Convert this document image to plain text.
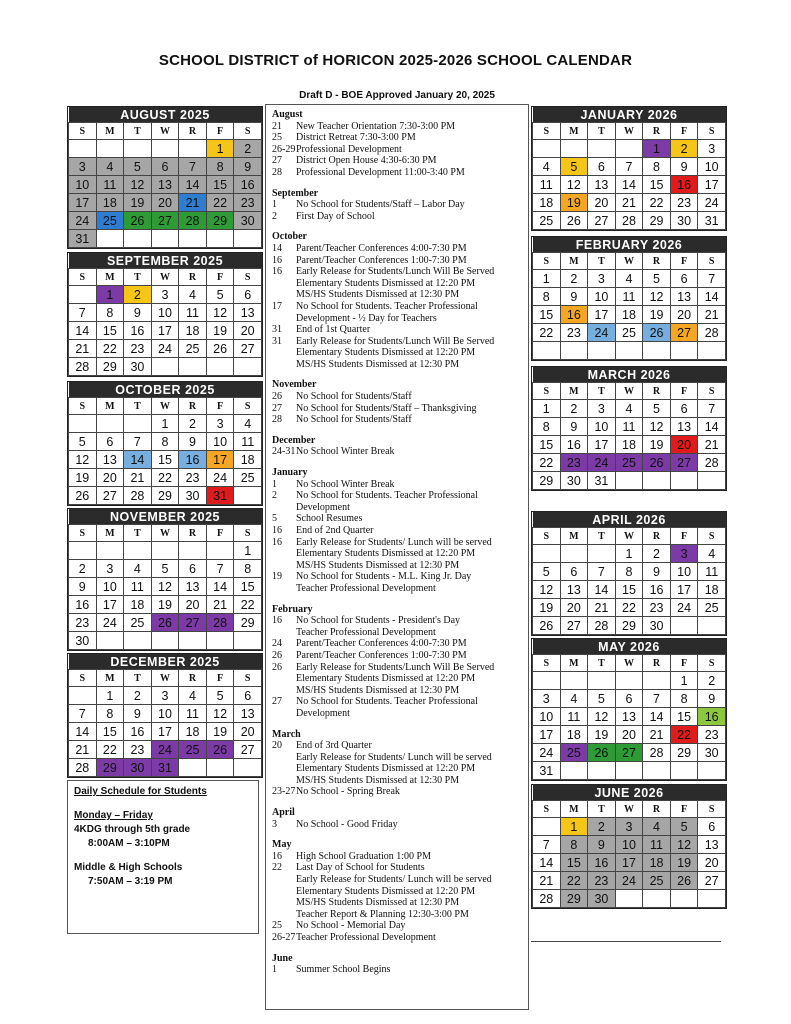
SCHOOL DISTRICT of HORICON 2025-2026 SCHOOL CALENDAR
Draft D - BOE Approved January 20, 2025
AUGUST 2025						
S	M	T	W	R	F	S
					1	2
3	4	5	6	7	8	9
10	11	12	13	14	15	16
17	18	19	20	21	22	23
24	25	26	27	28	29	30
31						
SEPTEMBER 2025						
S	M	T	W	R	F	S
	1	2	3	4	5	6
7	8	9	10	11	12	13
14	15	16	17	18	19	20
21	22	23	24	25	26	27
28	29	30				
OCTOBER 2025						
S	M	T	W	R	F	S
			1	2	3	4
5	6	7	8	9	10	11
12	13	14	15	16	17	18
19	20	21	22	23	24	25
26	27	28	29	30	31	
NOVEMBER 2025						
S	M	T	W	R	F	S
						1
2	3	4	5	6	7	8
9	10	11	12	13	14	15
16	17	18	19	20	21	22
23	24	25	26	27	28	29
30						
DECEMBER 2025						
S	M	T	W	R	F	S
	1	2	3	4	5	6
7	8	9	10	11	12	13
14	15	16	17	18	19	20
21	22	23	24	25	26	27
28	29	30	31			
JANUARY 2026						
S	M	T	W	R	F	S
				1	2	3
4	5	6	7	8	9	10
11	12	13	14	15	16	17
18	19	20	21	22	23	24
25	26	27	28	29	30	31
FEBRUARY 2026						
S	M	T	W	R	F	S
1	2	3	4	5	6	7
8	9	10	11	12	13	14
15	16	17	18	19	20	21
22	23	24	25	26	27	28

MARCH 2026						
S	M	T	W	R	F	S
1	2	3	4	5	6	7
8	9	10	11	12	13	14
15	16	17	18	19	20	21
22	23	24	25	26	27	28
29	30	31				
APRIL 2026						
S	M	T	W	R	F	S
			1	2	3	4
5	6	7	8	9	10	11
12	13	14	15	16	17	18
19	20	21	22	23	24	25
26	27	28	29	30		
MAY 2026						
S	M	T	W	R	F	S
					1	2
3	4	5	6	7	8	9
10	11	12	13	14	15	16
17	18	19	20	21	22	23
24	25	26	27	28	29	30
31						
JUNE 2026						
S	M	T	W	R	F	S
	1	2	3	4	5	6
7	8	9	10	11	12	13
14	15	16	17	18	19	20
21	22	23	24	25	26	27
28	29	30				
August
21	New Teacher Orientation 7:30-3:00 PM
25	District Retreat 7:30-3:00 PM
26-29 Professional Development
27	District Open House 4:30-6:30 PM
28	Professional Development 11:00-3:40 PM
September
1	No School for Students/Staff – Labor Day
2	First Day of School
October
14	Parent/Teacher Conferences 4:00-7:30 PM
16	Parent/Teacher Conferences 1:00-7:30 PM
16	Early Release for Students/Lunch Will Be Served
Elementary Students Dismissed at 12:20 PM
MS/HS Students Dismissed at 12:30 PM
17	No School for Students. Teacher Professional
Development - ½ Day for Teachers
31	End of 1st Quarter
31	Early Release for Students/Lunch Will Be Served
Elementary Students Dismissed at 12:20 PM
MS/HS Students Dismissed at 12:30 PM
November
26	No School for Students/Staff
27	No School for Students/Staff – Thanksgiving
28	No School for Students/Staff
December
24-31 No School Winter Break
January
1	No School Winter Break
2	No School for Students. Teacher Professional
Development
5	School Resumes
16	End of 2nd Quarter
16	Early Release for Students/ Lunch will be served
Elementary Students Dismissed at 12:20 PM
MS/HS Students Dismissed at 12:30 PM
19	No School for Students - M.L. King Jr. Day
Teacher Professional Development
February
16	No School for Students - President's Day
Teacher Professional Development
24	Parent/Teacher Conferences 4:00-7:30 PM
26	Parent/Teacher Conferences 1:00-7:30 PM
26	Early Release for Students/Lunch Will Be Served
Elementary Students Dismissed at 12:20 PM
MS/HS Students Dismissed at 12:30 PM
27	No School for Students. Teacher Professional
Development
March
20	End of 3rd Quarter
Early Release for Students/ Lunch will be served
Elementary Students Dismissed at 12:20 PM
MS/HS Students Dismissed at 12:30 PM
23-27 No School - Spring Break
April
3	No School - Good Friday
May
16	High School Graduation 1:00 PM
22	Last Day of School for Students
Early Release for Students/ Lunch will be served
Elementary Students Dismissed at 12:20 PM
MS/HS Students Dismissed at 12:30 PM
Teacher Report & Planning 12:30-3:00 PM
25	No School - Memorial Day
26-27 Teacher Professional Development
June
1	Summer School Begins
Daily Schedule for Students
Monday – Friday
4KDG through 5th grade
8:00AM – 3:10PM
Middle & High Schools
7:50AM – 3:19 PM
